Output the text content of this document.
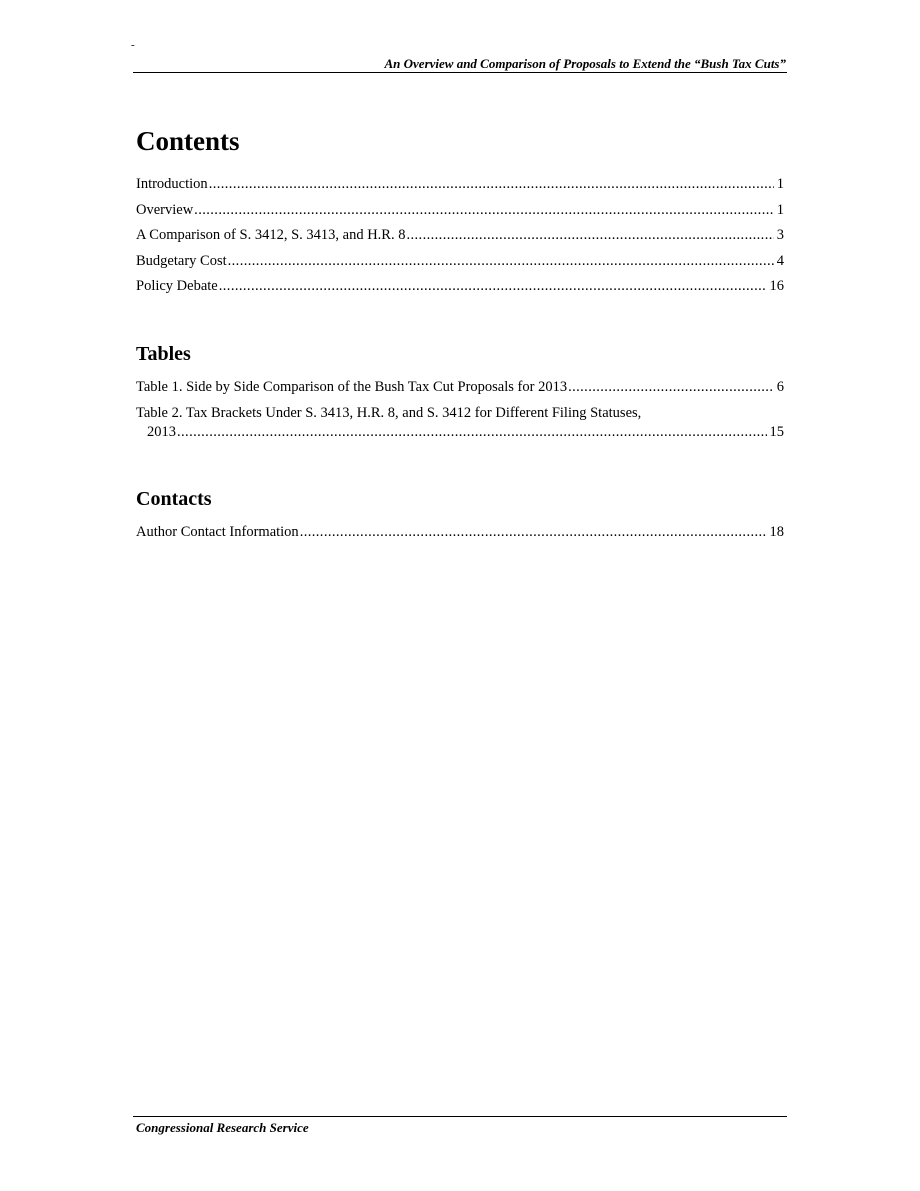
-
An Overview and Comparison of Proposals to Extend the “Bush Tax Cuts”
Contents
Introduction .....	1
Overview .....	1
A Comparison of S. 3412, S. 3413, and H.R. 8 .....	3
Budgetary Cost .....	4
Policy Debate .....	16
Tables
Table 1. Side by Side Comparison of the Bush Tax Cut Proposals for 2013 .....	6
Table 2. Tax Brackets Under S. 3413, H.R. 8, and S. 3412 for Different Filing Statuses,
2013 .....	15
Contacts
Author Contact Information .....	18
Congressional Research Service
